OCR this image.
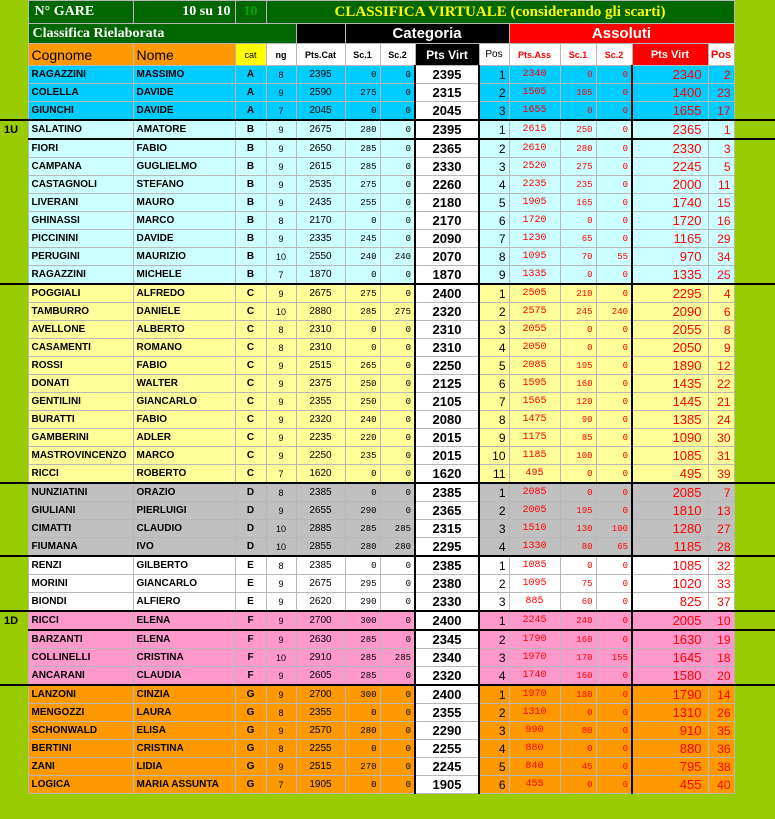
	N° GARE	10 su 10	10	CLASSIFICA VIRTUALE (considerando gli scarti)											
	Classifica Rielaborata					Categoria				Assoluti					
	Cognome	Nome	cat	ng	Pts.Cat	Sc.1	Sc.2	Pts Virt	Pos	Pts.Ass	Sc.1	Sc.2	Pts Virt	Pos	
	RAGAZZINI	MASSIMO	A	8	2395	0	0	2395	1	2340	0	0	2340	2	
	COLELLA	DAVIDE	A	9	2590	275	0	2315	2	1505	105	0	1400	23	
	GIUNCHI	DAVIDE	A	7	2045	0	0	2045	3	1655	0	0	1655	17	
1U	SALATINO	AMATORE	B	9	2675	280	0	2395	1	2615	250	0	2365	1	
	FIORI	FABIO	B	9	2650	285	0	2365	2	2610	280	0	2330	3	
	CAMPANA	GUGLIELMO	B	9	2615	285	0	2330	3	2520	275	0	2245	5	
	CASTAGNOLI	STEFANO	B	9	2535	275	0	2260	4	2235	235	0	2000	11	
	LIVERANI	MAURO	B	9	2435	255	0	2180	5	1905	165	0	1740	15	
	GHINASSI	MARCO	B	8	2170	0	0	2170	6	1720	0	0	1720	16	
	PICCININI	DAVIDE	B	9	2335	245	0	2090	7	1230	65	0	1165	29	
	PERUGINI	MAURIZIO	B	10	2550	240	240	2070	8	1095	70	55	970	34	
	RAGAZZINI	MICHELE	B	7	1870	0	0	1870	9	1335	0	0	1335	25	
	POGGIALI	ALFREDO	C	9	2675	275	0	2400	1	2505	210	0	2295	4	
	TAMBURRO	DANIELE	C	10	2880	285	275	2320	2	2575	245	240	2090	6	
	AVELLONE	ALBERTO	C	8	2310	0	0	2310	3	2055	0	0	2055	8	
	CASAMENTI	ROMANO	C	8	2310	0	0	2310	4	2050	0	0	2050	9	
	ROSSI	FABIO	C	9	2515	265	0	2250	5	2085	195	0	1890	12	
	DONATI	WALTER	C	9	2375	250	0	2125	6	1595	160	0	1435	22	
	GENTILINI	GIANCARLO	C	9	2355	250	0	2105	7	1565	120	0	1445	21	
	BURATTI	FABIO	C	9	2320	240	0	2080	8	1475	90	0	1385	24	
	GAMBERINI	ADLER	C	9	2235	220	0	2015	9	1175	85	0	1090	30	
	MASTROVINCENZO	MARCO	C	9	2250	235	0	2015	10	1185	100	0	1085	31	
	RICCI	ROBERTO	C	7	1620	0	0	1620	11	495	0	0	495	39	
	NUNZIATINI	ORAZIO	D	8	2385	0	0	2385	1	2085	0	0	2085	7	
	GIULIANI	PIERLUIGI	D	9	2655	290	0	2365	2	2005	195	0	1810	13	
	CIMATTI	CLAUDIO	D	10	2885	285	285	2315	3	1510	130	100	1280	27	
	FIUMANA	IVO	D	10	2855	280	280	2295	4	1330	80	65	1185	28	
	RENZI	GILBERTO	E	8	2385	0	0	2385	1	1085	0	0	1085	32	
	MORINI	GIANCARLO	E	9	2675	295	0	2380	2	1095	75	0	1020	33	
	BIONDI	ALFIERO	E	9	2620	290	0	2330	3	885	60	0	825	37	
1D	RICCI	ELENA	F	9	2700	300	0	2400	1	2245	240	0	2005	10	
	BARZANTI	ELENA	F	9	2630	285	0	2345	2	1790	160	0	1630	19	
	COLLINELLI	CRISTINA	F	10	2910	285	285	2340	3	1970	170	155	1645	18	
	ANCARANI	CLAUDIA	F	9	2605	285	0	2320	4	1740	160	0	1580	20	
	LANZONI	CINZIA	G	9	2700	300	0	2400	1	1970	180	0	1790	14	
	MENGOZZI	LAURA	G	8	2355	0	0	2355	2	1310	0	0	1310	26	
	SCHONWALD	ELISA	G	9	2570	280	0	2290	3	990	80	0	910	35	
	BERTINI	CRISTINA	G	8	2255	0	0	2255	4	880	0	0	880	36	
	ZANI	LIDIA	G	9	2515	270	0	2245	5	840	45	0	795	38	
	LOGICA	MARIA ASSUNTA	G	7	1905	0	0	1905	6	455	0	0	455	40	
